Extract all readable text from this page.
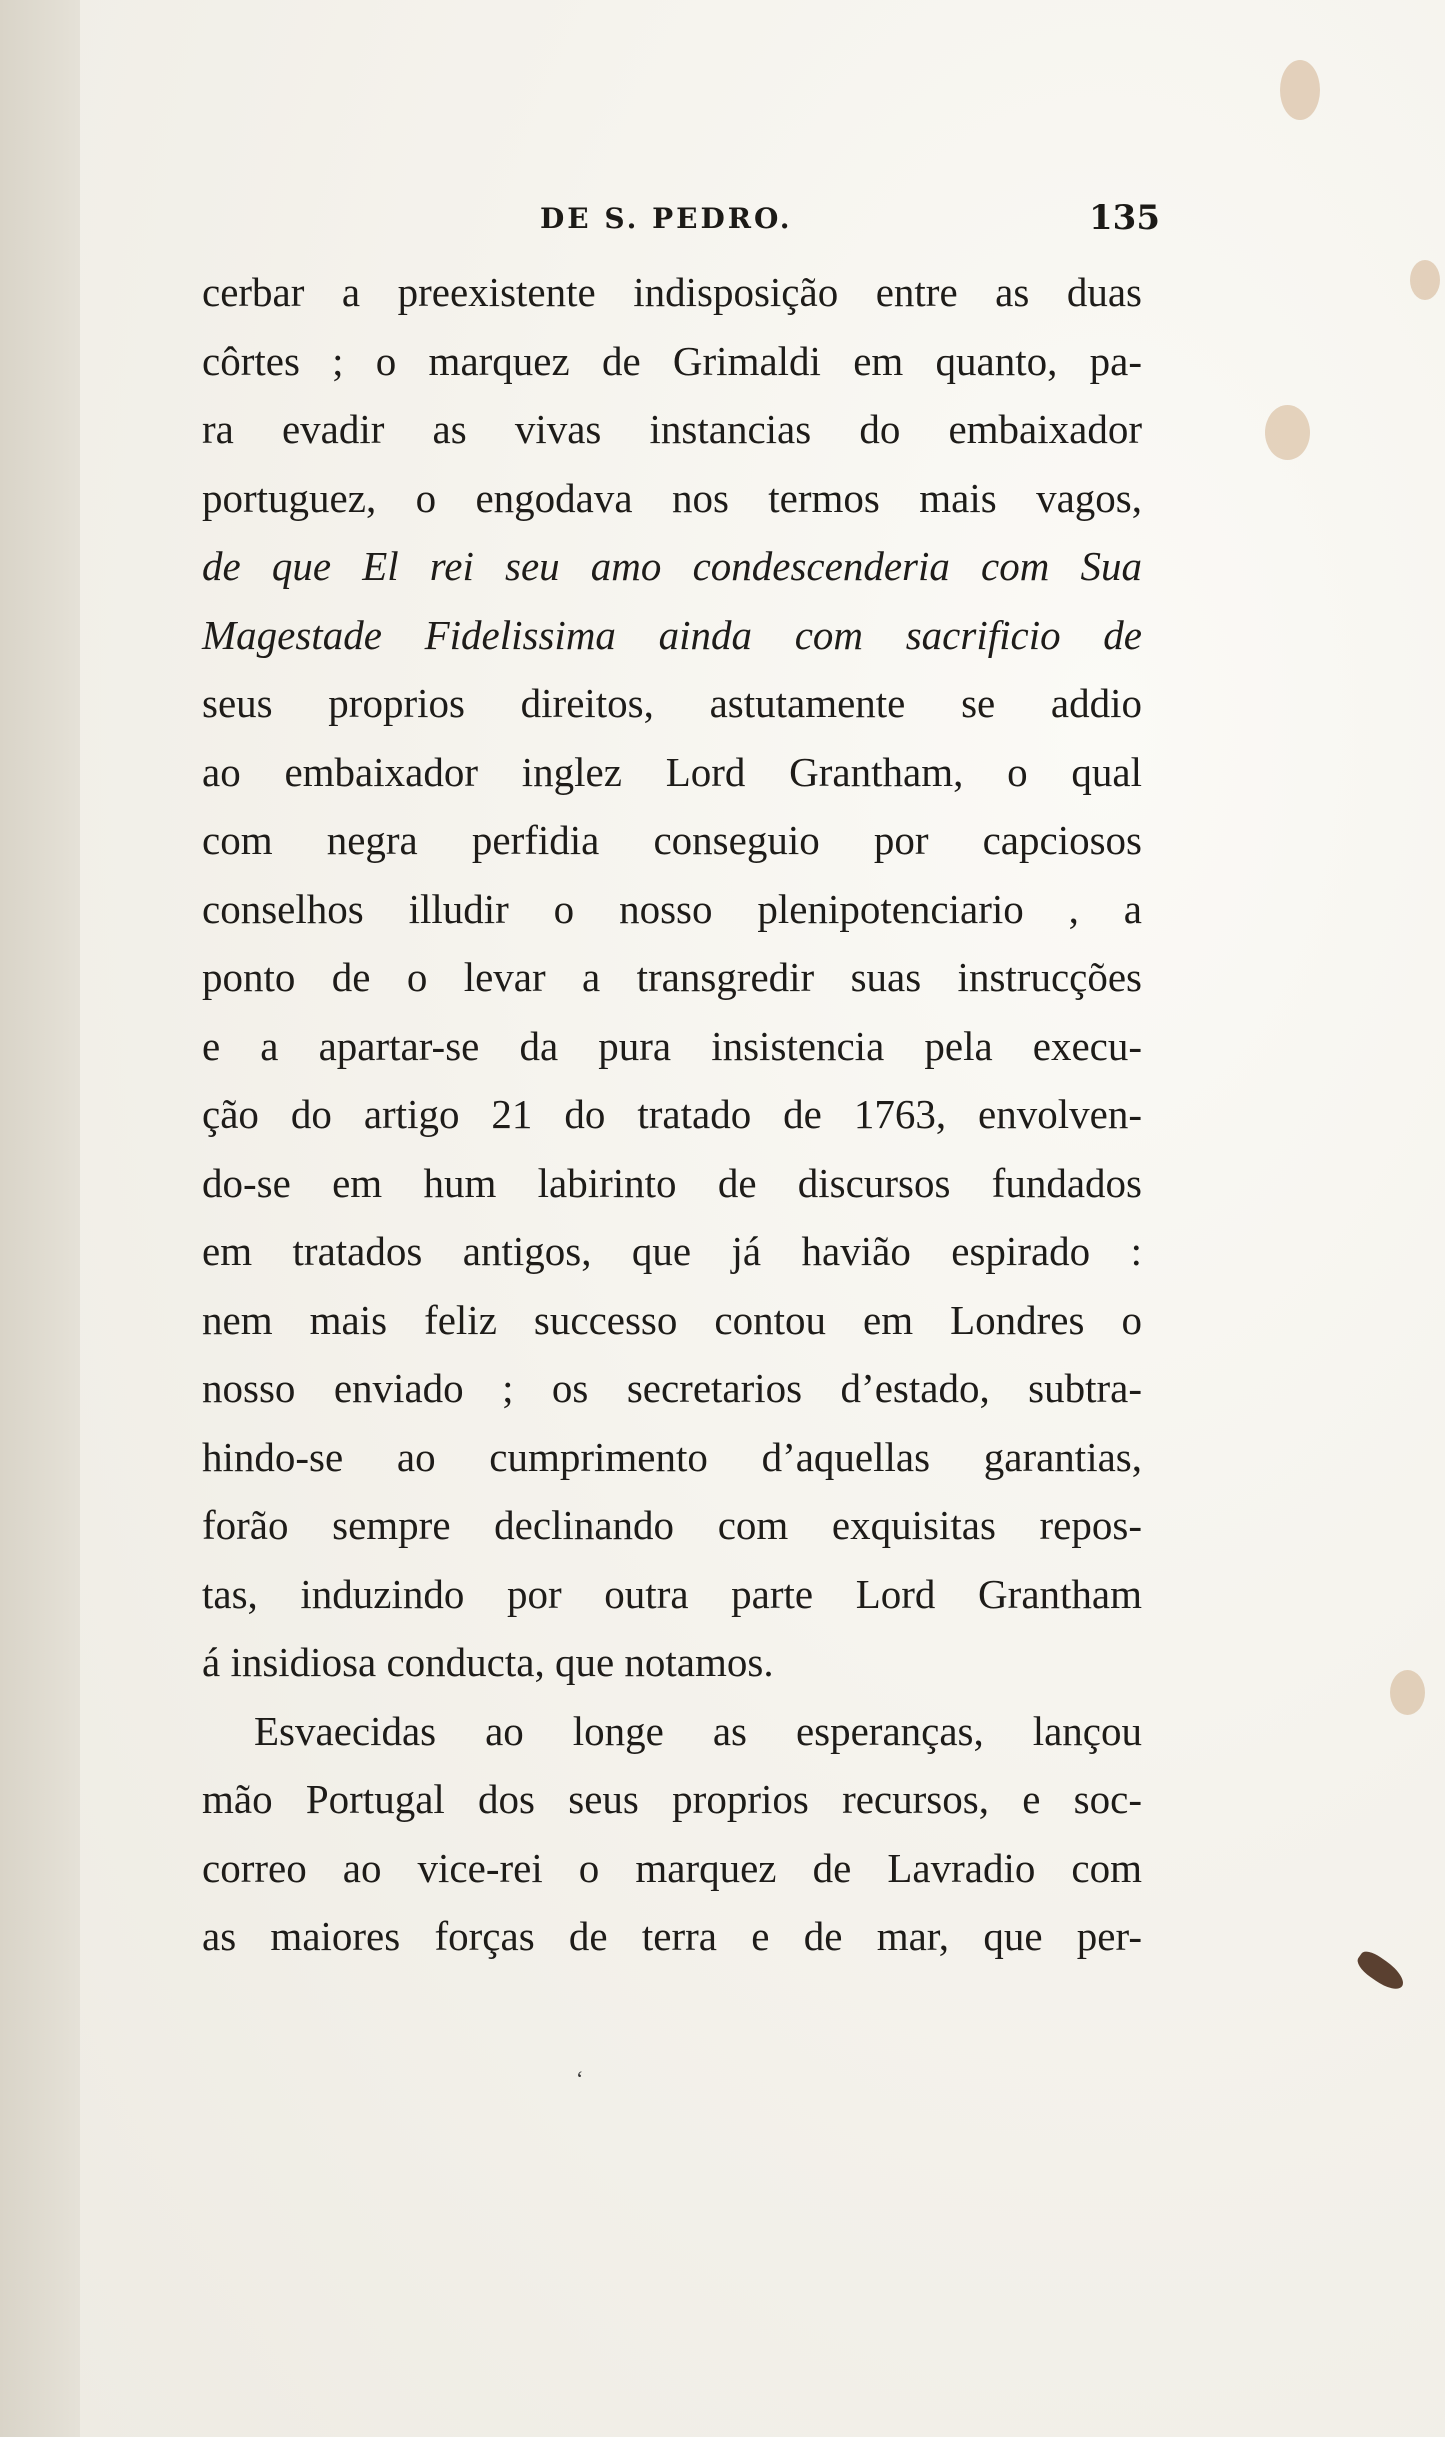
DE S. PEDRO.	135
cerbar a preexistente indisposição entre as duas
côrtes ; o marquez de Grimaldi em quanto, pa-
ra evadir as vivas instancias do embaixador
portuguez, o engodava nos termos mais vagos,
de que El rei seu amo condescenderia com Sua
Magestade Fidelissima ainda com sacrificio de
seus proprios direitos, astutamente se addio
ao embaixador inglez Lord Grantham, o qual
com negra perfidia conseguio por capciosos
conselhos illudir o nosso plenipotenciario , a
ponto de o levar a transgredir suas instrucções
e a apartar-se da pura insistencia pela execu-
ção do artigo 21 do tratado de 1763, envolven-
do-se em hum labirinto de discursos fundados
em tratados antigos, que já havião espirado :
nem mais feliz successo contou em Londres o
nosso enviado ; os secretarios d’estado, subtra-
hindo-se ao cumprimento d’aquellas garantias,
forão sempre declinando com exquisitas repos-
tas, induzindo por outra parte Lord Grantham
á insidiosa conducta, que notamos.
Esvaecidas ao longe as esperanças, lançou
mão Portugal dos seus proprios recursos, e soc-
correo ao vice-rei o marquez de Lavradio com
as maiores forças de terra e de mar, que per-
ʻ
